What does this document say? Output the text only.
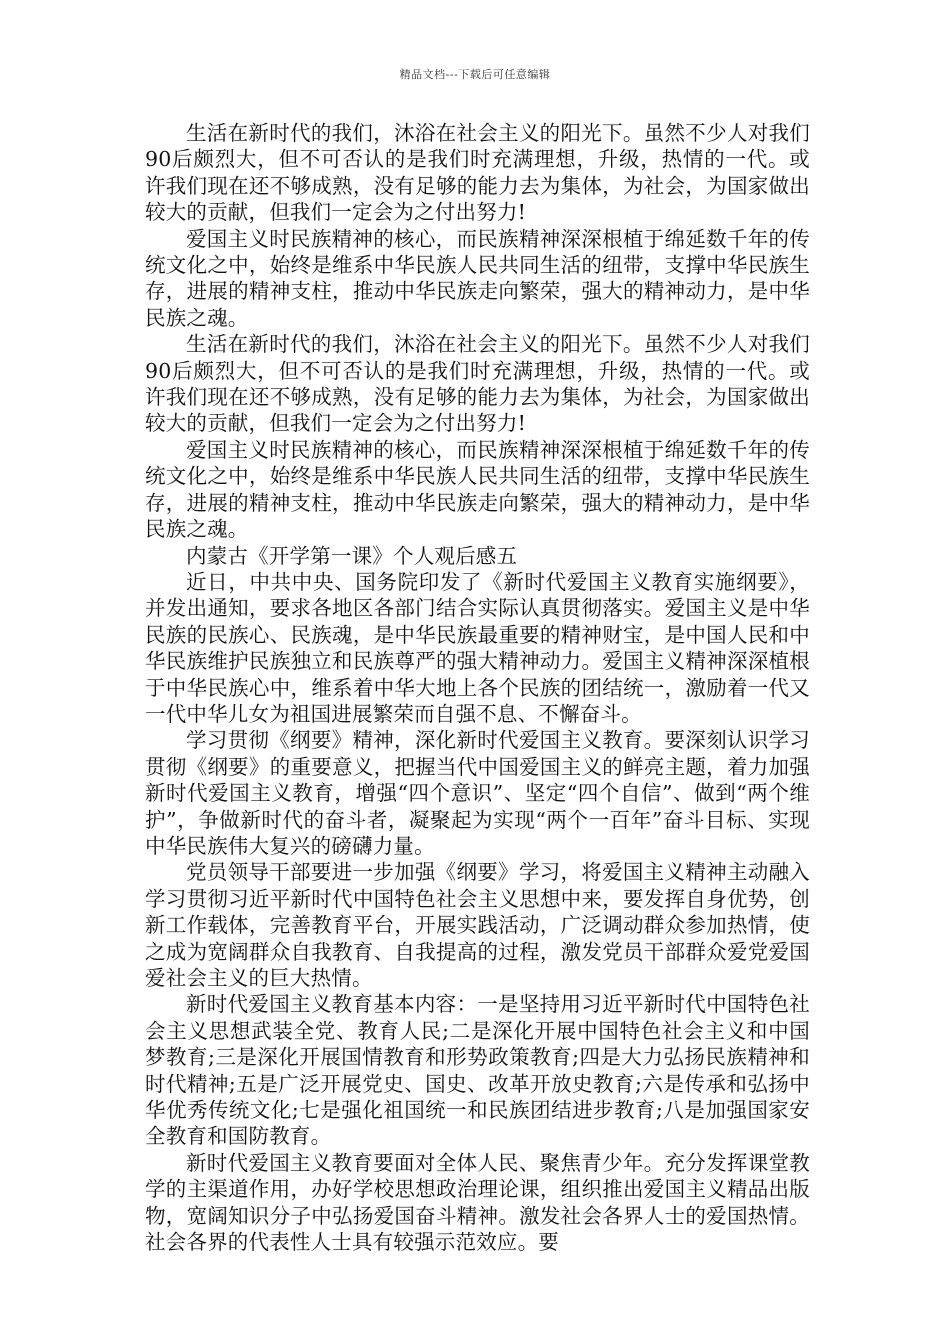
精品文档---下载后可任意编辑

生活在新时代的我们，沐浴在社会主义的阳光下。虽然不少人对我们90后颇烈大，但不可否认的是我们时充满理想，升级，热情的一代。或许我们现在还不够成熟，没有足够的能力去为集体，为社会，为国家做出较大的贡献，但我们一定会为之付出努力!

爱国主义时民族精神的核心，而民族精神深深根植于绵延数千年的传统文化之中，始终是维系中华民族人民共同生活的纽带，支撑中华民族生存，进展的精神支柱，推动中华民族走向繁荣，强大的精神动力，是中华民族之魂。

生活在新时代的我们，沐浴在社会主义的阳光下。虽然不少人对我们90后颇烈大，但不可否认的是我们时充满理想，升级，热情的一代。或许我们现在还不够成熟，没有足够的能力去为集体，为社会，为国家做出较大的贡献，但我们一定会为之付出努力!

爱国主义时民族精神的核心，而民族精神深深根植于绵延数千年的传统文化之中，始终是维系中华民族人民共同生活的纽带，支撑中华民族生存，进展的精神支柱，推动中华民族走向繁荣，强大的精神动力，是中华民族之魂。

内蒙古《开学第一课》个人观后感五

近日，中共中央、国务院印发了《新时代爱国主义教育实施纲要》，并发出通知，要求各地区各部门结合实际认真贯彻落实。爱国主义是中华民族的民族心、民族魂，是中华民族最重要的精神财宝，是中国人民和中华民族维护民族独立和民族尊严的强大精神动力。爱国主义精神深深植根于中华民族心中，维系着中华大地上各个民族的团结统一，激励着一代又一代中华儿女为祖国进展繁荣而自强不息、不懈奋斗。

学习贯彻《纲要》精神，深化新时代爱国主义教育。要深刻认识学习贯彻《纲要》的重要意义，把握当代中国爱国主义的鲜亮主题，着力加强新时代爱国主义教育，增强“四个意识”、坚定“四个自信”、做到“两个维护”，争做新时代的奋斗者，凝聚起为实现“两个一百年”奋斗目标、实现中华民族伟大复兴的磅礴力量。

党员领导干部要进一步加强《纲要》学习，将爱国主义精神主动融入学习贯彻习近平新时代中国特色社会主义思想中来，要发挥自身优势，创新工作载体，完善教育平台，开展实践活动，广泛调动群众参加热情，使之成为宽阔群众自我教育、自我提高的过程，激发党员干部群众爱党爱国爱社会主义的巨大热情。

新时代爱国主义教育基本内容：一是坚持用习近平新时代中国特色社会主义思想武装全党、教育人民;二是深化开展中国特色社会主义和中国梦教育;三是深化开展国情教育和形势政策教育;四是大力弘扬民族精神和时代精神;五是广泛开展党史、国史、改革开放史教育;六是传承和弘扬中华优秀传统文化;七是强化祖国统一和民族团结进步教育;八是加强国家安全教育和国防教育。

新时代爱国主义教育要面对全体人民、聚焦青少年。充分发挥课堂教学的主渠道作用，办好学校思想政治理论课，组织推出爱国主义精品出版物，宽阔知识分子中弘扬爱国奋斗精神。激发社会各界人士的爱国热情。社会各界的代表性人士具有较强示范效应。要
